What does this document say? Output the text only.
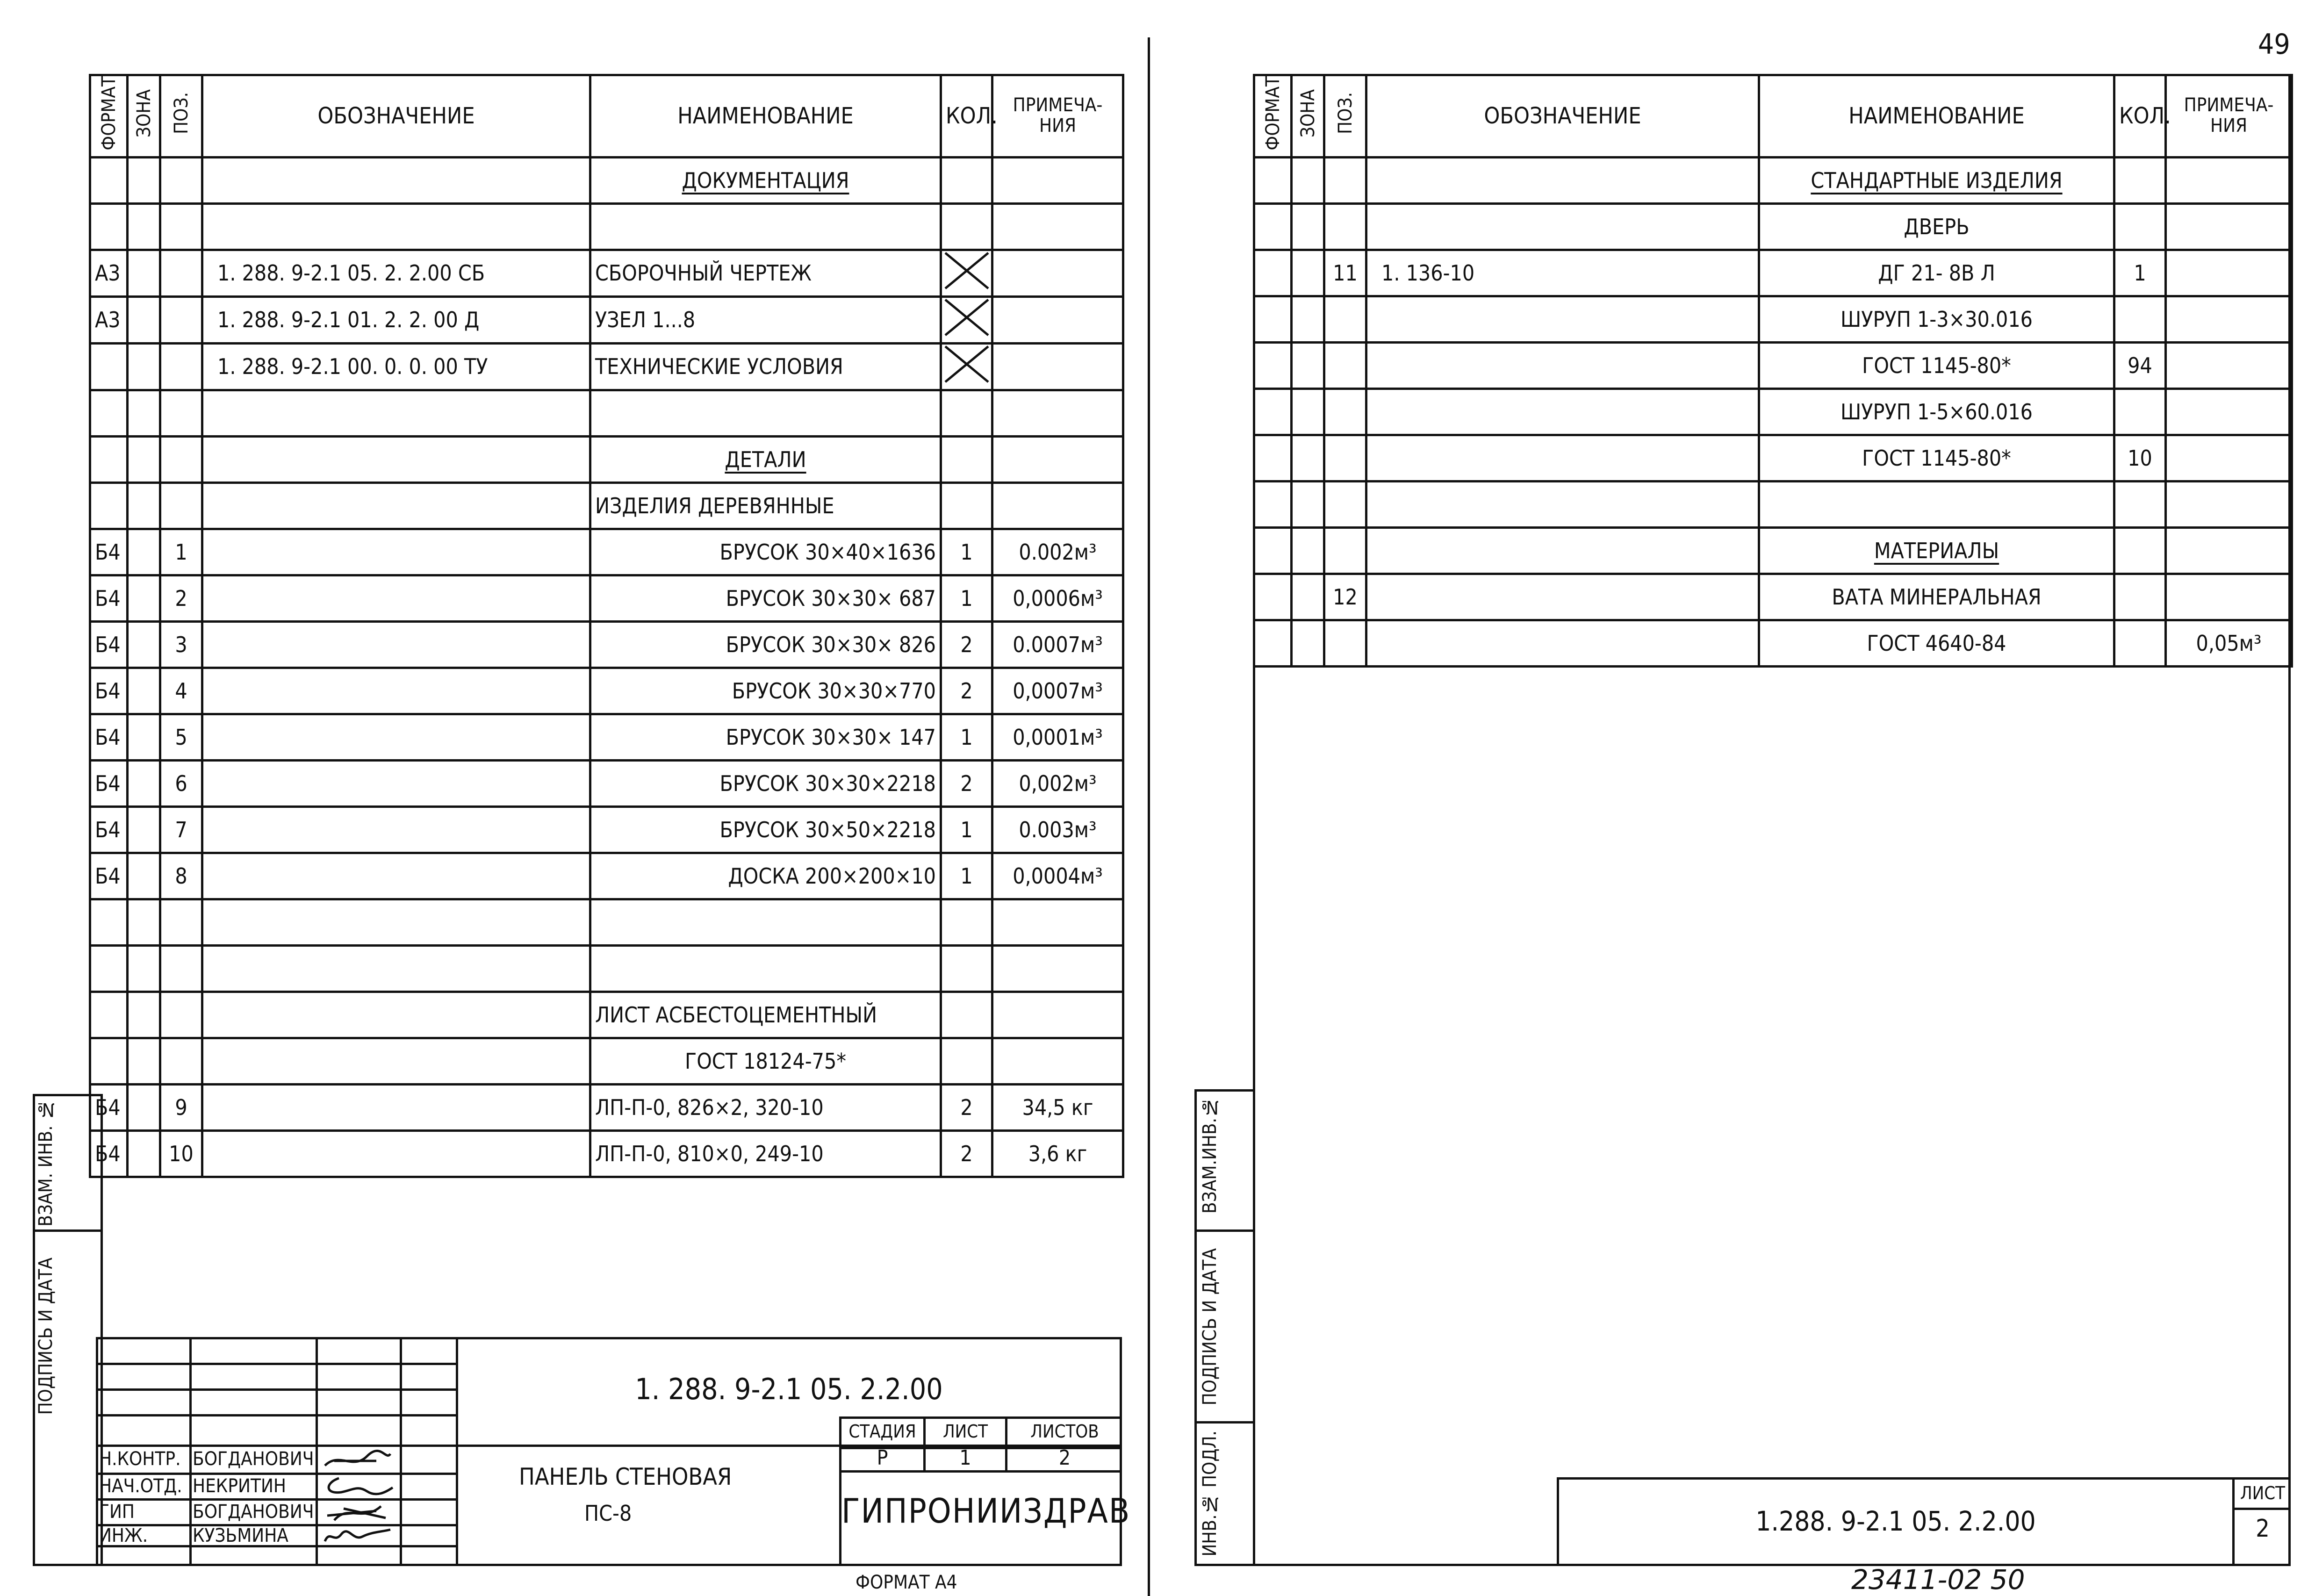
ВЗАМ. ИНВ. №
ПОДПИСЬ И ДАТА
ФОРМАТ	ЗОНА	ПОЗ.	ОБОЗНАЧЕНИЕ	НАИМЕНОВАНИЕ	КОЛ.	ПРИМЕЧА-НИЯ
				ДОКУМЕНТАЦИЯ		

А3			1. 288. 9-2.1 05. 2. 2.00 СБ	СБОРОЧНЫЙ ЧЕРТЕЖ		
А3			1. 288. 9-2.1 01. 2. 2. 00 Д	УЗЕЛ 1...8		
			1. 288. 9-2.1 00. 0. 0. 00 ТУ	ТЕХНИЧЕСКИЕ УСЛОВИЯ		

				ДЕТАЛИ		
				ИЗДЕЛИЯ ДЕРЕВЯННЫЕ		
Б4		1		БРУСОК 30×40×1636	1	0.002м³
Б4		2		БРУСОК 30×30× 687	1	0,0006м³
Б4		3		БРУСОК 30×30× 826	2	0.0007м³
Б4		4		БРУСОК 30×30×770	2	0,0007м³
Б4		5		БРУСОК 30×30× 147	1	0,0001м³
Б4		6		БРУСОК 30×30×2218	2	0,002м³
Б4		7		БРУСОК 30×50×2218	1	0.003м³
Б4		8		ДОСКА 200×200×10	1	0,0004м³

				ЛИСТ АСБЕСТОЦЕМЕНТНЫЙ		
				ГОСТ 18124-75*		
Б4		9		ЛП-П-0, 826×2, 320-10	2	34,5 кг
Б4		10		ЛП-П-0, 810×0, 249-10	2	3,6 кг
1. 288. 9-2.1 05. 2.2.00
Н.КОНТР. БОГДАНОВИЧ
НАЧ.ОТД. НЕКРИТИН
ГИП	БОГДАНОВИЧ
ИНЖ. КУЗЬМИНА
ПАНЕЛЬ СТЕНОВАЯ
ПС-8
СТАДИЯ	ЛИСТ	ЛИСТОВ
Р	1	2
ГИПРОНИИЗДРАВ
ФОРМАТ А4
49
ВЗАМ.ИНВ.№
ПОДПИСЬ И ДАТА
ИНВ.№ ПОДЛ.
ФОРМАТ	ЗОНА	ПОЗ.	ОБОЗНАЧЕНИЕ	НАИМЕНОВАНИЕ	КОЛ.	ПРИМЕЧА-НИЯ
				СТАНДАРТНЫЕ ИЗДЕЛИЯ		
				ДВЕРЬ		
		11	1. 136-10	ДГ 21- 8В Л	1	
				ШУРУП 1-3×30.016		
				ГОСТ 1145-80*	94	
				ШУРУП 1-5×60.016		
				ГОСТ 1145-80*	10	

				МАТЕРИАЛЫ		
		12		ВАТА МИНЕРАЛЬНАЯ		
				ГОСТ 4640-84		0,05м³
1.288. 9-2.1 05. 2.2.00
ЛИСТ
2
23411-02 50
